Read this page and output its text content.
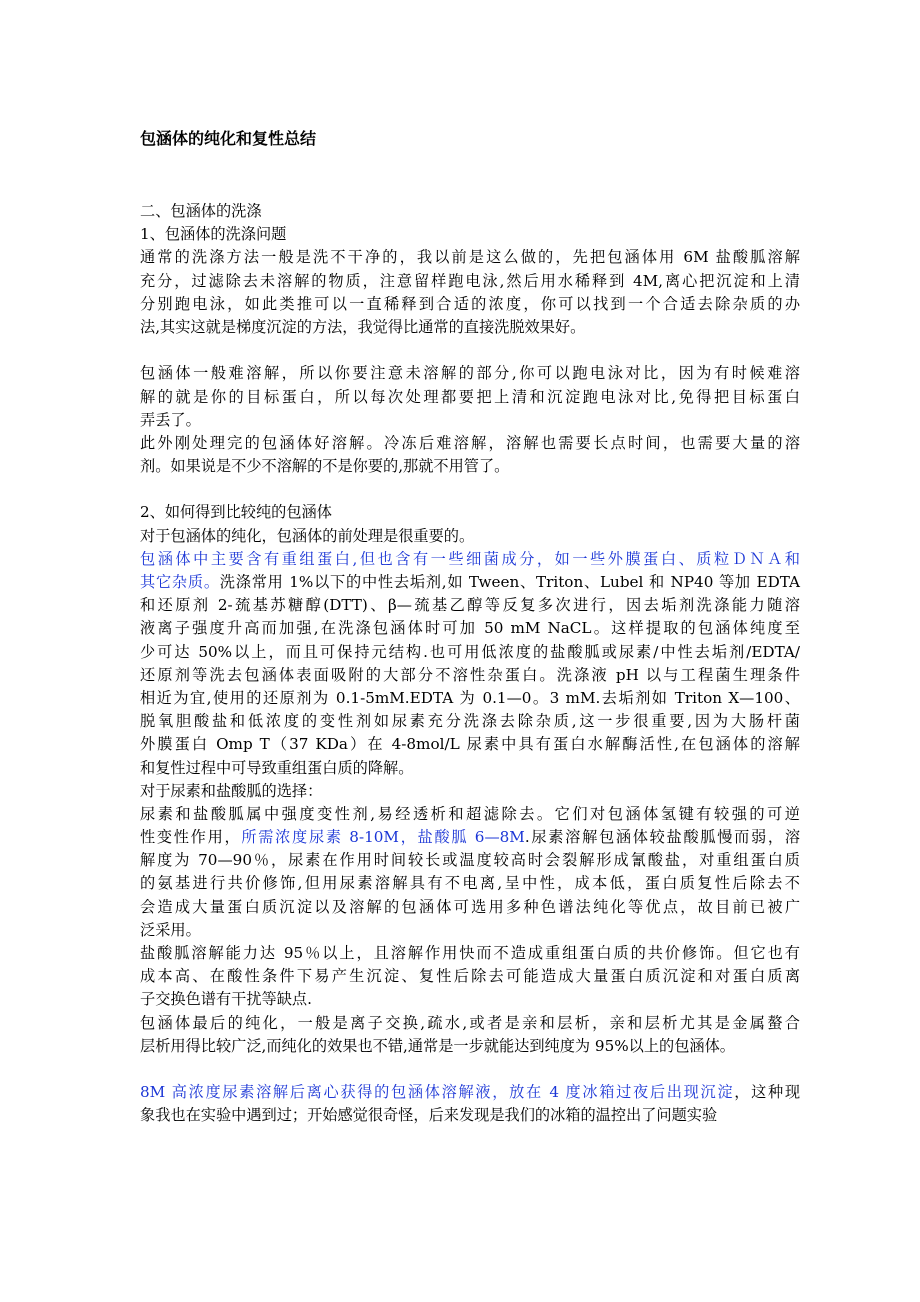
包涵体的纯化和复性总结
二、包涵体的洗涤
1、包涵体的洗涤问题
通常的洗涤方法一般是洗不干净的，我以前是这么做的，先把包涵体用 6M 盐酸胍溶解
充分，过滤除去未溶解的物质，注意留样跑电泳,然后用水稀释到 4M,离心把沉淀和上清
分别跑电泳，如此类推可以一直稀释到合适的浓度，你可以找到一个合适去除杂质的办
法,其实这就是梯度沉淀的方法，我觉得比通常的直接洗脱效果好。
包涵体一般难溶解，所以你要注意未溶解的部分,你可以跑电泳对比，因为有时候难溶
解的就是你的目标蛋白，所以每次处理都要把上清和沉淀跑电泳对比,免得把目标蛋白
弄丢了。
此外刚处理完的包涵体好溶解。冷冻后难溶解，溶解也需要长点时间，也需要大量的溶
剂。如果说是不少不溶解的不是你要的,那就不用管了。
2、如何得到比较纯的包涵体
对于包涵体的纯化，包涵体的前处理是很重要的。
包涵体中主要含有重组蛋白,但也含有一些细菌成分，如一些外膜蛋白、质粒ＤＮＡ和
其它杂质。洗涤常用 1%以下的中性去垢剂,如 Tween、Triton、Lubel 和 NP40 等加 EDTA
和还原剂 2-巯基苏糖醇(DTT)、β—巯基乙醇等反复多次进行，因去垢剂洗涤能力随溶
液离子强度升高而加强,在洗涤包涵体时可加 50 mM NaCL。这样提取的包涵体纯度至
少可达 50%以上，而且可保持元结构.也可用低浓度的盐酸胍或尿素/中性去垢剂/EDTA/
还原剂等洗去包涵体表面吸附的大部分不溶性杂蛋白。洗涤液 pH 以与工程菌生理条件
相近为宜,使用的还原剂为 0.1-5mM.EDTA 为 0.1—0。3 mM.去垢剂如 Triton X—100、
脱氧胆酸盐和低浓度的变性剂如尿素充分洗涤去除杂质,这一步很重要,因为大肠杆菌
外膜蛋白 Omp T（37 KDa）在 4-8mol/L 尿素中具有蛋白水解酶活性,在包涵体的溶解
和复性过程中可导致重组蛋白质的降解。
对于尿素和盐酸胍的选择：
尿素和盐酸胍属中强度变性剂,易经透析和超滤除去。它们对包涵体氢键有较强的可逆
性变性作用，所需浓度尿素 8-10M，盐酸胍 6—8M.尿素溶解包涵体较盐酸胍慢而弱，溶
解度为 70—90％，尿素在作用时间较长或温度较高时会裂解形成氰酸盐，对重组蛋白质
的氨基进行共价修饰,但用尿素溶解具有不电离,呈中性，成本低，蛋白质复性后除去不
会造成大量蛋白质沉淀以及溶解的包涵体可选用多种色谱法纯化等优点，故目前已被广
泛采用。
盐酸胍溶解能力达 95％以上，且溶解作用快而不造成重组蛋白质的共价修饰。但它也有
成本高、在酸性条件下易产生沉淀、复性后除去可能造成大量蛋白质沉淀和对蛋白质离
子交换色谱有干扰等缺点.
包涵体最后的纯化，一般是离子交换,疏水,或者是亲和层析，亲和层析尤其是金属螯合
层析用得比较广泛,而纯化的效果也不错,通常是一步就能达到纯度为 95%以上的包涵体。
8M 高浓度尿素溶解后离心获得的包涵体溶解液，放在 4 度冰箱过夜后出现沉淀，这种现
象我也在实验中遇到过；开始感觉很奇怪，后来发现是我们的冰箱的温控出了问题实验
